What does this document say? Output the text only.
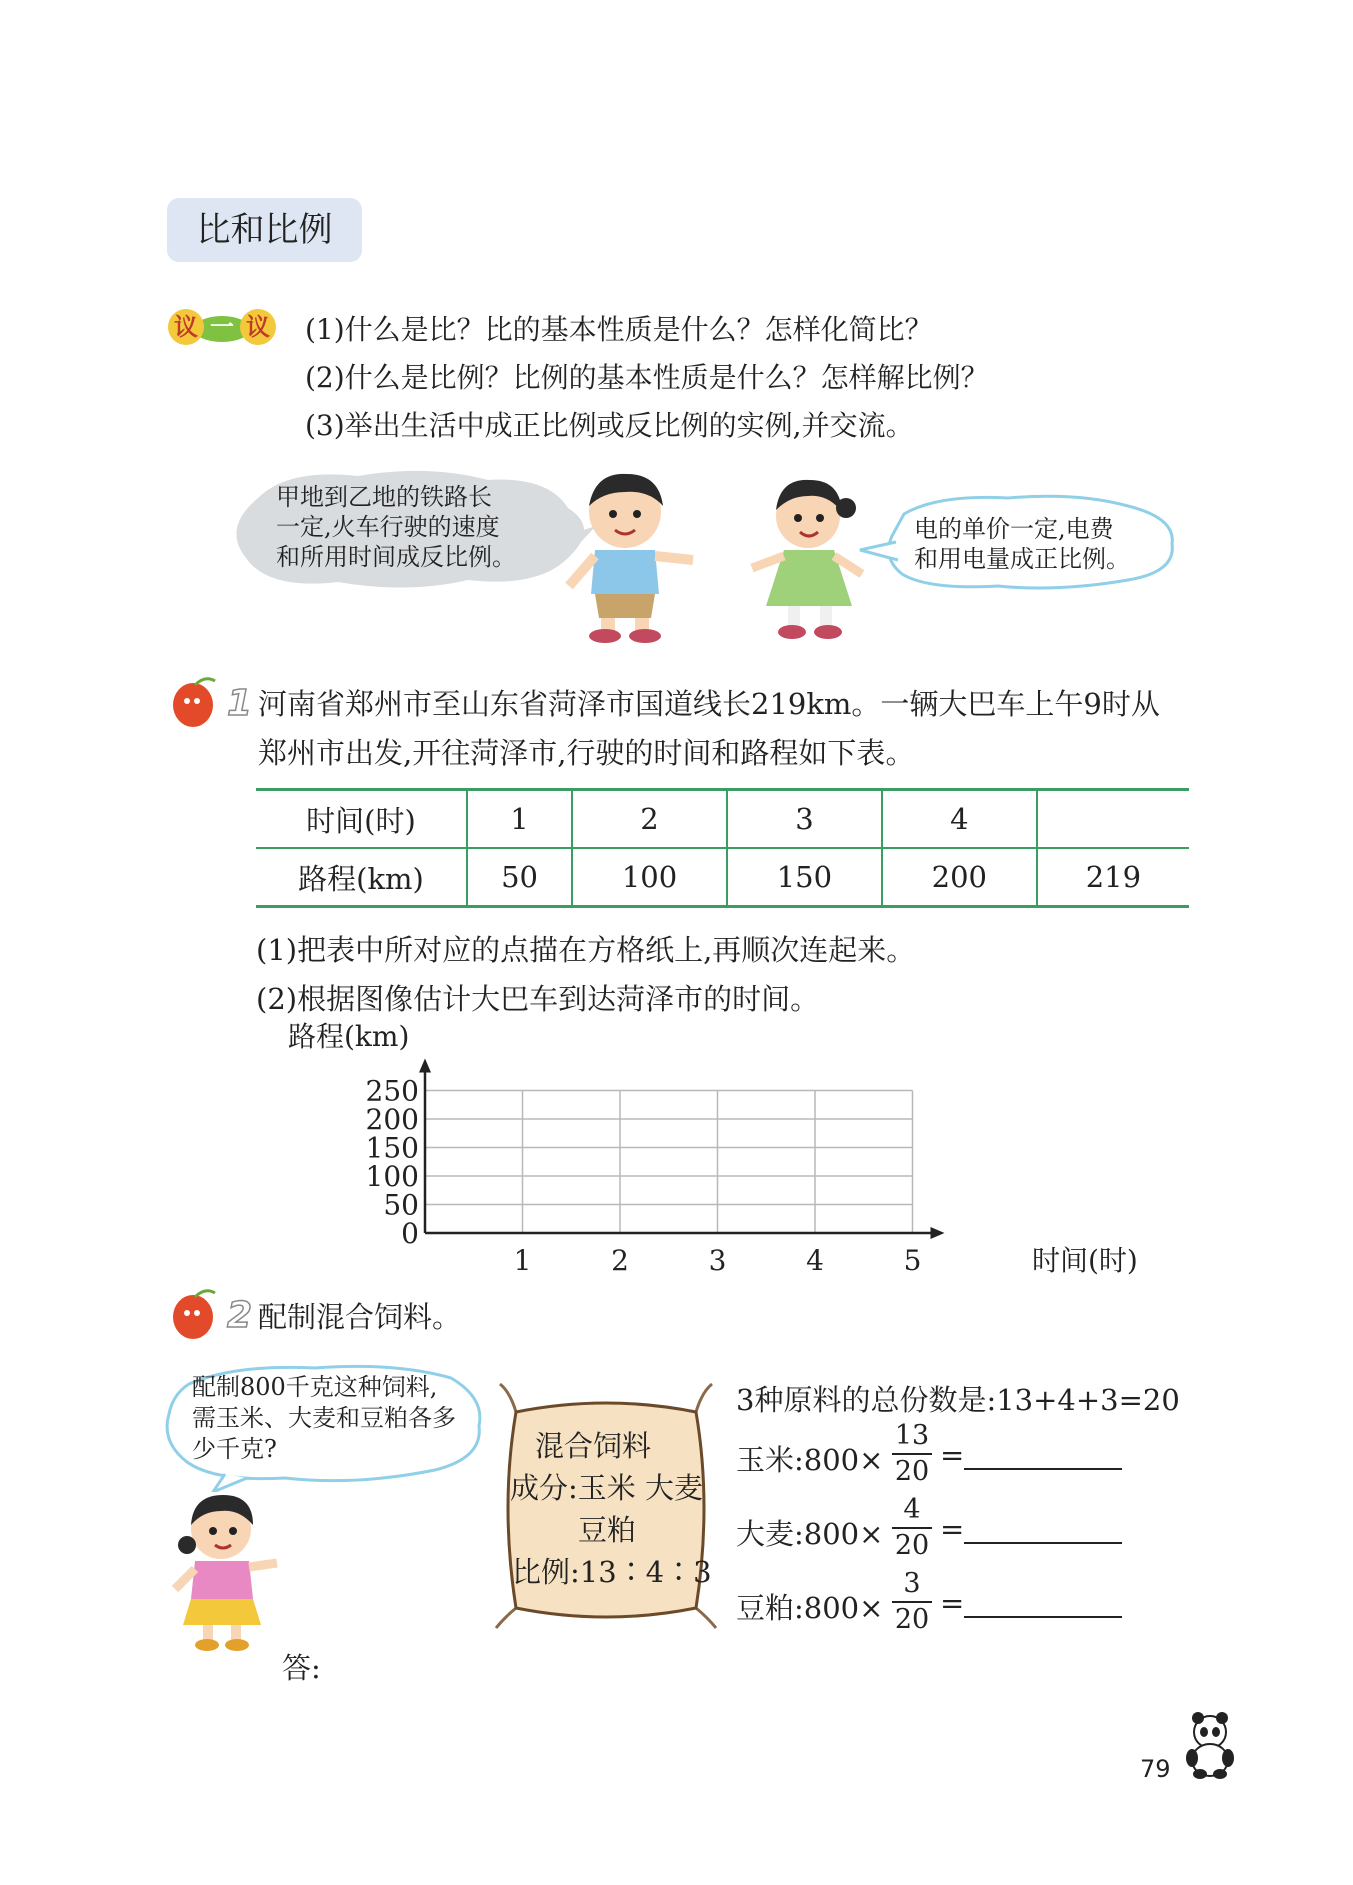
比和比例
议 一 议 (1)什么是比？比的基本性质是什么？怎样化简比？
(2)什么是比例？比例的基本性质是什么？怎样解比例？
(3)举出生活中成正比例或反比例的实例,并交流。
甲地到乙地的铁路长
一定,火车行驶的速度
和所用时间成反比例。
电的单价一定,电费
和用电量成正比例。
1 河南省郑州市至山东省菏泽市国道线长219km。一辆大巴车上午9时从
郑州市出发,开往菏泽市,行驶的时间和路程如下表。
时间(时)	1	2	3	4	
路程(km)	50	100	150	200	219
(1)把表中所对应的点描在方格纸上,再顺次连起来。
(2)根据图像估计大巴车到达菏泽市的时间。
0
50
100
150
200
250
1	2	3	4	5
路程(km)
时间(时)
2 配制混合饲料。
配制800千克这种饲料,
需玉米、大麦和豆粕各多
少千克?	混合饲料
成分:玉米 大麦
豆粕
比例:13∶4∶3
3种原料的总份数是:13+4+3=20
玉米:800×
13
20 =
大麦:800×
4
20 =
豆粕:800×
3
20 =
答:
79
